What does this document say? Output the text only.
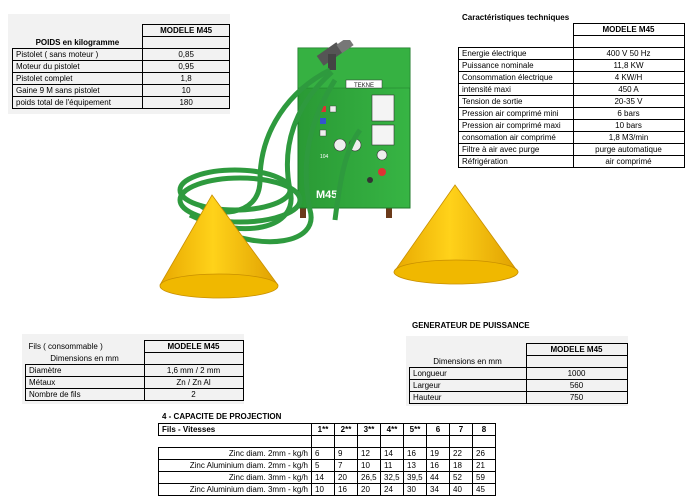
	MODELE M45
POIDS en kilogramme	
Pistolet ( sans moteur )	0,85
Moteur du pistolet	0,95
Pistolet complet	1,8
Gaine 9 M sans pistolet	10
poids total de l'équipement	180
Caractéristiques techniques
	MODELE M45

Energie électrique	400 V 50 Hz
Puissance nominale	11,8 KW
Consommation électrique	4 KW/H
intensité maxi	450 A
Tension de sortie	20-35 V
Pression air comprimé mini	6 bars
Pression air comprimé maxi	10 bars
consomation air comprimé	1,8 M3/min
Filtre à air avec purge	purge automatique
Réfrigération	air comprimé
TEKNE
104
M45
Fils ( consommable )	MODELE M45
Dimensions en mm	
Diamètre	1,6 mm / 2 mm
Métaux	Zn / Zn Al
Nombre de fils	2
GENERATEUR DE PUISSANCE
	MODELE M45
Dimensions en mm	
Longueur	1000
Largeur	560
Hauteur	750
4 - CAPACITE DE PROJECTION
Fils - Vitesses	1**	2**	3**	4**	5**	6	7	8

Zinc diam. 2mm - kg/h	6	9	12	14	16	19	22	26
Zinc Aluminium diam. 2mm - kg/h	5	7	10	11	13	16	18	21
Zinc diam. 3mm - kg/h	14	20	26,5	32,5	39,5	44	52	59
Zinc Aluminium diam. 3mm - kg/h	10	16	20	24	30	34	40	45
